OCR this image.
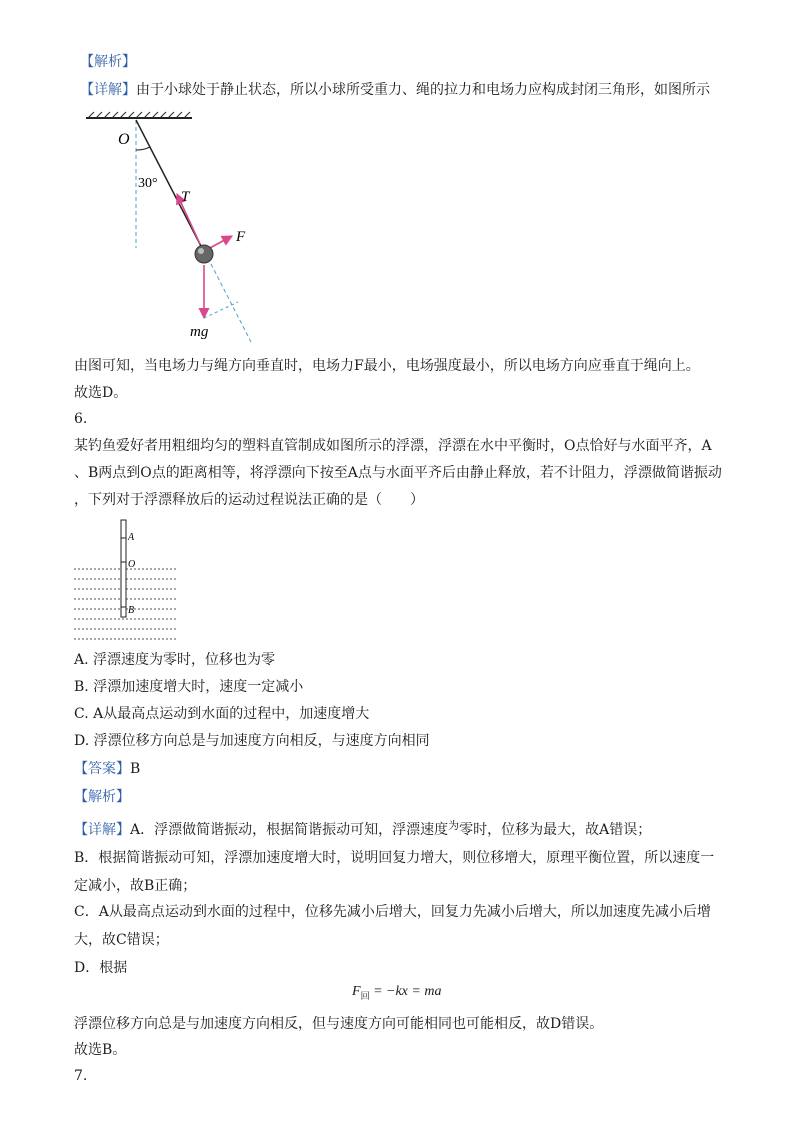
【解析】
【详解】由于小球处于静止状态，所以小球所受重力、绳的拉力和电场力应构成封闭三角形，如图所示
O
30°
T
F
mg
由图可知，当电场力与绳方向垂直时，电场力F最小，电场强度最小，所以电场方向应垂直于绳向上。
故选D。
6.
某钓鱼爱好者用粗细均匀的塑料直管制成如图所示的浮漂，浮漂在水中平衡时，O点恰好与水面平齐，A
、B两点到O点的距离相等，将浮漂向下按至A点与水面平齐后由静止释放，若不计阻力，浮漂做简谐振动
，下列对于浮漂释放后的运动过程说法正确的是（　　）
A
O
B
A. 浮漂速度为零时，位移也为零
B. 浮漂加速度增大时，速度一定减小
C. A从最高点运动到水面的过程中，加速度增大
D. 浮漂位移方向总是与加速度方向相反，与速度方向相同
【答案】B
【解析】
【详解】A．浮漂做简谐振动，根据简谐振动可知，浮漂速度$^为$零时，位移为最大，故A错误；
B．根据简谐振动可知，浮漂加速度增大时，说明回复力增大，则位移增大，原理平衡位置，所以速度一
定减小，故B正确；
C．A从最高点运动到水面的过程中，位移先减小后增大，回复力先减小后增大，所以加速度先减小后增
大，故C错误；
D．根据
$F_回 = -kx$ = ma
浮漂位移方向总是与加速度方向相反，但与速度方向可能相同也可能相反，故D错误。
故选B。
7.
